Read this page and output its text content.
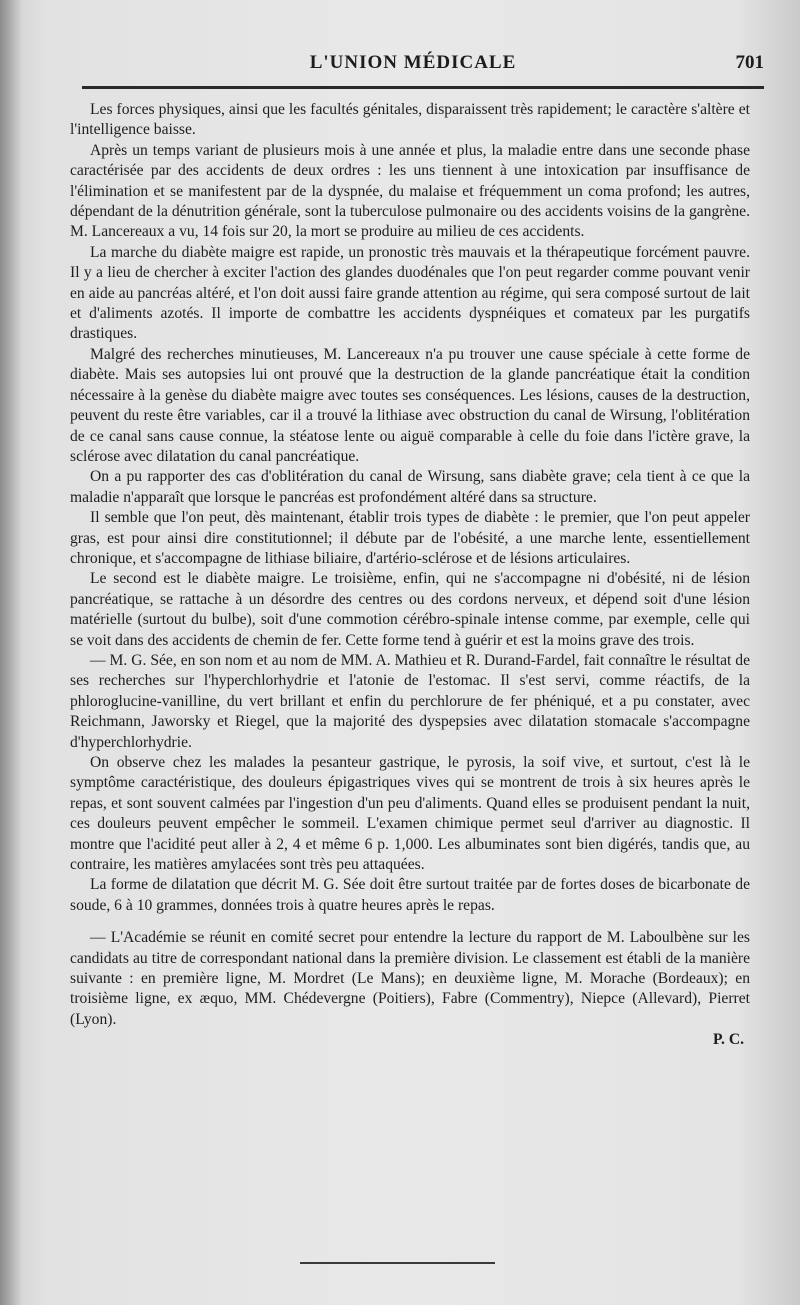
L'UNION MÉDICALE	701

Les forces physiques, ainsi que les facultés génitales, disparaissent très rapidement; le caractère s'altère et l'intelligence baisse.

Après un temps variant de plusieurs mois à une année et plus, la maladie entre dans une seconde phase caractérisée par des accidents de deux ordres : les uns tiennent à une intoxication par insuffisance de l'élimination et se manifestent par de la dyspnée, du malaise et fréquemment un coma profond; les autres, dépendant de la dénutrition générale, sont la tuberculose pulmonaire ou des accidents voisins de la gangrène. M. Lancereaux a vu, 14 fois sur 20, la mort se produire au milieu de ces accidents.

La marche du diabète maigre est rapide, un pronostic très mauvais et la thérapeutique forcément pauvre. Il y a lieu de chercher à exciter l'action des glandes duodénales que l'on peut regarder comme pouvant venir en aide au pancréas altéré, et l'on doit aussi faire grande attention au régime, qui sera composé surtout de lait et d'aliments azotés. Il importe de combattre les accidents dyspnéiques et comateux par les purgatifs drastiques.

Malgré des recherches minutieuses, M. Lancereaux n'a pu trouver une cause spéciale à cette forme de diabète. Mais ses autopsies lui ont prouvé que la destruction de la glande pancréatique était la condition nécessaire à la genèse du diabète maigre avec toutes ses conséquences. Les lésions, causes de la destruction, peuvent du reste être variables, car il a trouvé la lithiase avec obstruction du canal de Wirsung, l'oblitération de ce canal sans cause connue, la stéatose lente ou aiguë comparable à celle du foie dans l'ictère grave, la sclérose avec dilatation du canal pancréatique.

On a pu rapporter des cas d'oblitération du canal de Wirsung, sans diabète grave; cela tient à ce que la maladie n'apparaît que lorsque le pancréas est profondément altéré dans sa structure.

Il semble que l'on peut, dès maintenant, établir trois types de diabète : le premier, que l'on peut appeler gras, est pour ainsi dire constitutionnel; il débute par de l'obésité, a une marche lente, essentiellement chronique, et s'accompagne de lithiase biliaire, d'artério-sclérose et de lésions articulaires.

Le second est le diabète maigre. Le troisième, enfin, qui ne s'accompagne ni d'obésité, ni de lésion pancréatique, se rattache à un désordre des centres ou des cordons nerveux, et dépend soit d'une lésion matérielle (surtout du bulbe), soit d'une commotion cérébro-spinale intense comme, par exemple, celle qui se voit dans des accidents de chemin de fer. Cette forme tend à guérir et est la moins grave des trois.

— M. G. Sée, en son nom et au nom de MM. A. Mathieu et R. Durand-Fardel, fait connaître le résultat de ses recherches sur l'hyperchlorhydrie et l'atonie de l'estomac. Il s'est servi, comme réactifs, de la phloroglucine-vanilline, du vert brillant et enfin du perchlorure de fer phéniqué, et a pu constater, avec Reichmann, Jaworsky et Riegel, que la majorité des dyspepsies avec dilatation stomacale s'accompagne d'hyperchlorhydrie.

On observe chez les malades la pesanteur gastrique, le pyrosis, la soif vive, et surtout, c'est là le symptôme caractéristique, des douleurs épigastriques vives qui se montrent de trois à six heures après le repas, et sont souvent calmées par l'ingestion d'un peu d'aliments. Quand elles se produisent pendant la nuit, ces douleurs peuvent empêcher le sommeil. L'examen chimique permet seul d'arriver au diagnostic. Il montre que l'acidité peut aller à 2, 4 et même 6 p. 1,000. Les albuminates sont bien digérés, tandis que, au contraire, les matières amylacées sont très peu attaquées.

La forme de dilatation que décrit M. G. Sée doit être surtout traitée par de fortes doses de bicarbonate de soude, 6 à 10 grammes, données trois à quatre heures après le repas.

— L'Académie se réunit en comité secret pour entendre la lecture du rapport de M. Laboulbène sur les candidats au titre de correspondant national dans la première division. Le classement est établi de la manière suivante : en première ligne, M. Mordret (Le Mans); en deuxième ligne, M. Morache (Bordeaux); en troisième ligne, ex æquo, MM. Chédevergne (Poitiers), Fabre (Commentry), Niepce (Allevard), Pierret (Lyon).

P. C.
